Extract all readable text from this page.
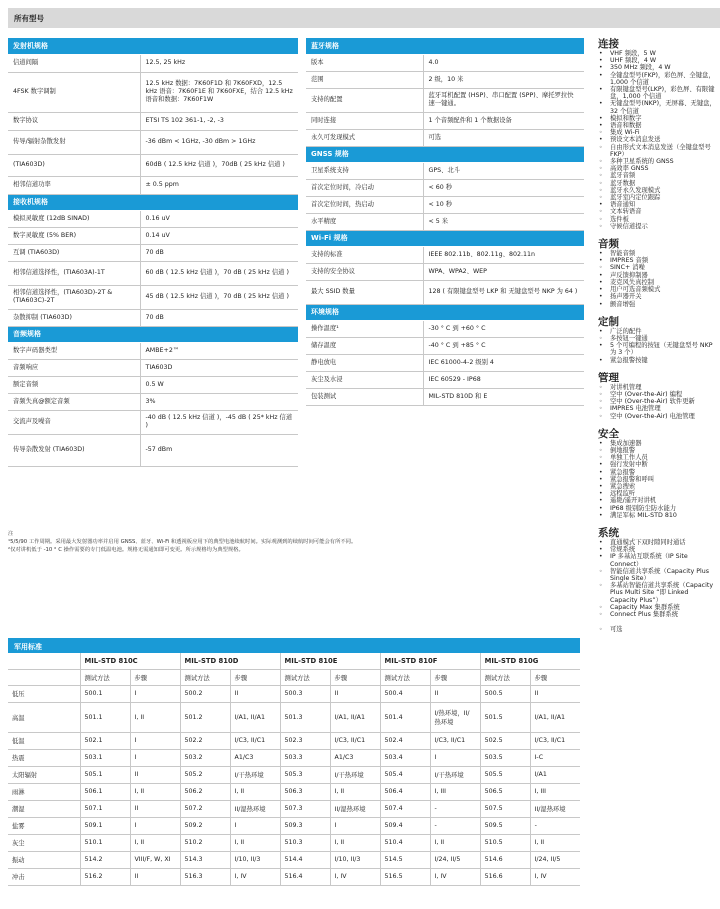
所有型号
发射机规格	
信道间隔	12.5, 25 kHz
4FSK 数字调制	12.5 kHz 数据：7K60F1D 和 7K60FXD，12.5 kHz 语音：7K60F1E 和 7K60FXE，结合 12.5 kHz 语音和数据：7K60F1W
数字协议	ETSI TS 102 361-1, -2, -3
传导/辐射杂散发射	-36 dBm < 1GHz, -30 dBm > 1GHz
(TIA603D)	60dB ( 12.5 kHz 信道 )，70dB ( 25 kHz 信道 )
相邻信道功率	± 0.5 ppm
接收机规格	
模拟灵敏度 (12dB SINAD)	0.16 uV
数字灵敏度 (5% BER)	0.14 uV
互调 (TIA603D)	70 dB
相邻信道选择性，(TIA603A)-1T	60 dB ( 12.5 kHz 信道 )，70 dB ( 25 kHz 信道 )
相邻信道选择性，(TIA603D)-2T & (TIA603C)-2T	45 dB ( 12.5 kHz 信道 )，70 dB ( 25 kHz 信道 )
杂散抑制 (TIA603D)	70 dB
音频规格	
数字声码器类型	AMBE+2™
音频响应	TIA603D
额定音频	0.5 W
音频失真@额定音频	3%
交流声及噪音	-40 dB ( 12.5 kHz 信道 )，-45 dB ( 25* kHz 信道 )
传导杂散发射 (TIA603D)	-57 dBm
蓝牙规格	
版本	4.0
范围	2 级，10 米
支持的配置	蓝牙耳机配置 (HSP)、串口配置 (SPP)、摩托罗拉快速一键通。
同时连接	1 个音频配件和 1 个数据设备
永久可发现模式	可选
GNSS 规格	
卫星系统支持	GPS、北斗
首次定位时间，冷启动	< 60 秒
首次定位时间，热启动	< 10 秒
水平精度	< 5 米
Wi-Fi 规格	
支持的标准	IEEE 802.11b、802.11g、802.11n
支持的安全协议	WPA、WPA2、WEP
最大 SSID 数量	128 ( 有限键盘型号 LKP 和 无键盘型号 NKP 为 64 )
环境规格	
操作温度¹	-30 ° C 到 +60 ° C
储存温度	-40 ° C 到 +85 ° C
静电放电	IEC 61000-4-2 级别 4
灰尘及水浸	IEC 60529 - IP68
包装测试	MIL-STD 810D 和 E
注
¹5/5/90 工作周期。采用最大发射器功率并启用 GNSS、蓝牙、Wi-Fi 和透视板应用下的典型电池续航时间。实际观测到的续航时间可能会有所不同。
²仅对讲机低于 -10 ° C 操作需要的专门低温电池。规格无需通知即可变更。所示规格均为典型规格。
军用标准
	MIL-STD 810C		MIL-STD 810D		MIL-STD 810E		MIL-STD 810F		MIL-STD 810G	
	测试方法	步骤	测试方法	步骤	测试方法	步骤	测试方法	步骤	测试方法	步骤
低压	500.1	I	500.2	II	500.3	II	500.4	II	500.5	II
高温	501.1	I, II	501.2	I/A1, II/A1	501.3	I/A1, II/A1	501.4	I/热环境，II/热环境	501.5	I/A1, II/A1
低温	502.1	I	502.2	I/C3, II/C1	502.3	I/C3, II/C1	502.4	I/C3, II/C1	502.5	I/C3, II/C1
热震	503.1	I	503.2	A1/C3	503.3	A1/C3	503.4	I	503.5	I-C
太阳辐射	505.1	II	505.2	I/干热环境	505.3	I/干热环境	505.4	I/干热环境	505.5	I/A1
雨淋	506.1	I, II	506.2	I, II	506.3	I, II	506.4	I, III	506.5	I, III
潮湿	507.1	II	507.2	II/湿热环境	507.3	II/湿热环境	507.4	-	507.5	II/湿热环境
盐雾	509.1	I	509.2	I	509.3	I	509.4	-	509.5	-
灰尘	510.1	I, II	510.2	I, II	510.3	I, II	510.4	I, II	510.5	I, II
振动	514.2	VIII/F, W, XI	514.3	I/10, II/3	514.4	I/10, II/3	514.5	I/24, II/5	514.6	I/24, II/5
冲击	516.2	II	516.3	I, IV	516.4	I, IV	516.5	I, IV	516.6	I, IV
连接
• VHF 频段，5 W
• UHF 频段，4 W
• 350 MHz 频段，4 W
• 全键盘型号(FKP)，彩色屏、全键盘，1,000 个信道
• 有限键盘型号(LKP)，彩色屏、有限键盘，1,000 个信道
• 无键盘型号(NKP)，无屏幕、无键盘，32 个信道
• 模拟和数字
• 语音和数据
◦ 集成 Wi-Fi
• 预设文本消息发送
◦ 自由形式文本消息发送（全键盘型号 FKP）
◦ 多种卫星系统的 GNSS
◦ 高效率 GNSS
◦ 蓝牙音频
◦ 蓝牙数据
◦ 蓝牙永久发现模式
◦ 蓝牙室内定位跟踪
• 语音通知
◦ 文本转语音
◦ 选件板
◦ 守候信道提示
音频
• 智能音频
• IMPRES 音频
◦ SINC+ 消噪
• 声反馈抑制器
• 麦克风失真控制
• 用户可选音频模式
• 扬声器开关
• 颤音增强
定制
• 广泛的配件
◦ 多按钮一键通
• 5 个可编程的按钮（无键盘型号 NKP 为 3 个）
• 紧急报警按键
管理
◦ 对讲机管理
◦ 空中 (Over-the-Air) 编程
◦ 空中 (Over-the-Air) 软件更新
◦ IMPRES 电池管理
◦ 空中 (Over-the-Air) 电池管理
安全
• 集成加速器
◦ 倒地报警
◦ 单独工作人员
• 强行发射中断
• 紧急报警
• 紧急报警和呼叫
• 紧急搜索
• 远程监听
• 遥毙/遥开对讲机
• IP68 级别防尘防水能力
• 满足军标 MIL-STD 810
系统
• 直通模式下双时隙同时通话
• 常规系统
• IP 多基站互联系统（IP Site Connect）
◦ 智能信道共享系统（Capacity Plus Single Site）
◦ 多基站智能信道共享系统（Capacity Plus Multi Site “即 Linked Capacity Plus”）
◦ Capacity Max 集群系统
◦ Connect Plus 集群系统
◦ 可选
